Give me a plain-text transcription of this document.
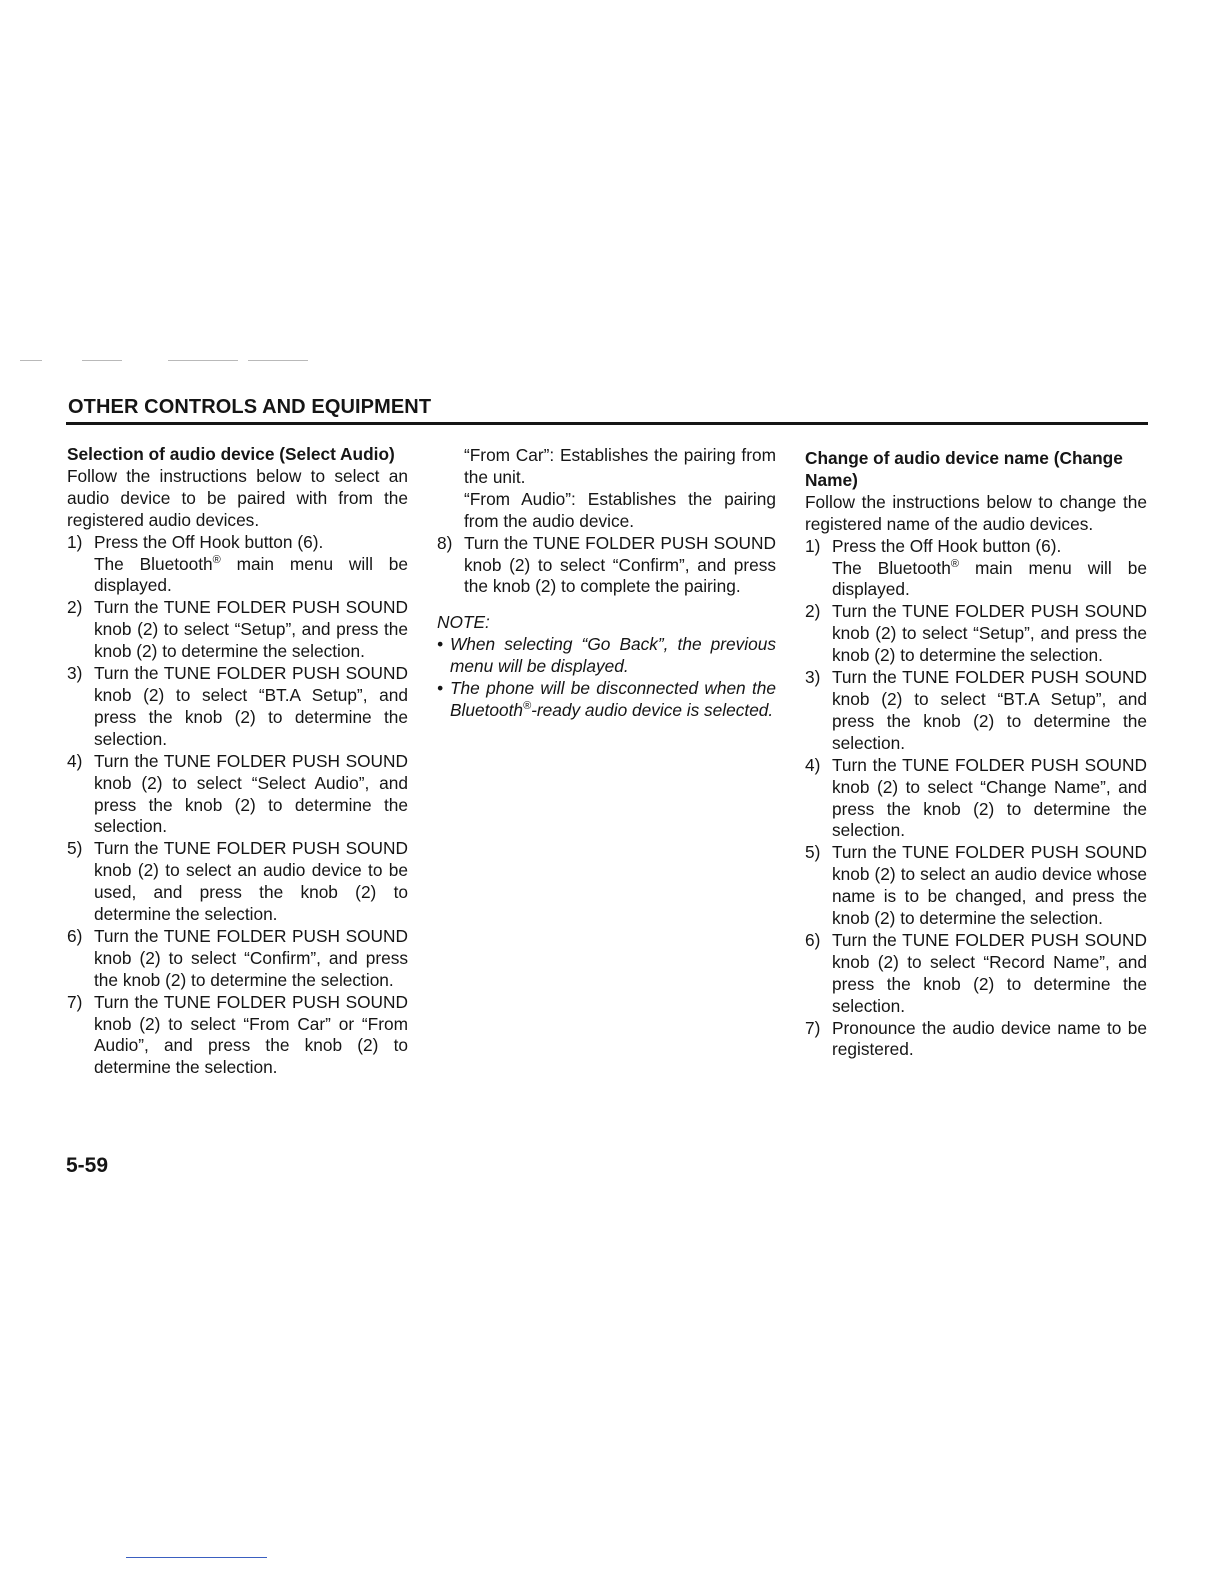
OTHER CONTROLS AND EQUIPMENT

Selection of audio device (Select Audio)

Follow the instructions below to select an audio device to be paired with from the registered audio devices.

1) Press the Off Hook button (6).

The Bluetooth® main menu will be displayed.

2) Turn the TUNE FOLDER PUSH SOUND knob (2) to select “Setup”, and press the knob (2) to determine the selection.
3) Turn the TUNE FOLDER PUSH SOUND knob (2) to select “BT.A Setup”, and press the knob (2) to determine the selection.
4) Turn the TUNE FOLDER PUSH SOUND knob (2) to select “Select Audio”, and press the knob (2) to determine the selection.
5) Turn the TUNE FOLDER PUSH SOUND knob (2) to select an audio device to be used, and press the knob (2) to determine the selection.
6) Turn the TUNE FOLDER PUSH SOUND knob (2) to select “Confirm”, and press the knob (2) to determine the selection.
7) Turn the TUNE FOLDER PUSH SOUND knob (2) to select “From Car” or “From Audio”, and press the knob (2) to determine the selection.

“From Car”: Establishes the pairing from the unit.

“From Audio”: Establishes the pairing from the audio device.

8) Turn the TUNE FOLDER PUSH SOUND knob (2) to select “Confirm”, and press the knob (2) to complete the pairing.

NOTE:

• When selecting “Go Back”, the previous menu will be displayed.
• The phone will be disconnected when the Bluetooth®-ready audio device is selected.

Change of audio device name (Change Name)

Follow the instructions below to change the registered name of the audio devices.

1) Press the Off Hook button (6).

The Bluetooth® main menu will be displayed.

2) Turn the TUNE FOLDER PUSH SOUND knob (2) to select “Setup”, and press the knob (2) to determine the selection.
3) Turn the TUNE FOLDER PUSH SOUND knob (2) to select “BT.A Setup”, and press the knob (2) to determine the selection.
4) Turn the TUNE FOLDER PUSH SOUND knob (2) to select “Change Name”, and press the knob (2) to determine the selection.
5) Turn the TUNE FOLDER PUSH SOUND knob (2) to select an audio device whose name is to be changed, and press the knob (2) to determine the selection.
6) Turn the TUNE FOLDER PUSH SOUND knob (2) to select “Record Name”, and press the knob (2) to determine the selection.
7) Pronounce the audio device name to be registered.
5-59
